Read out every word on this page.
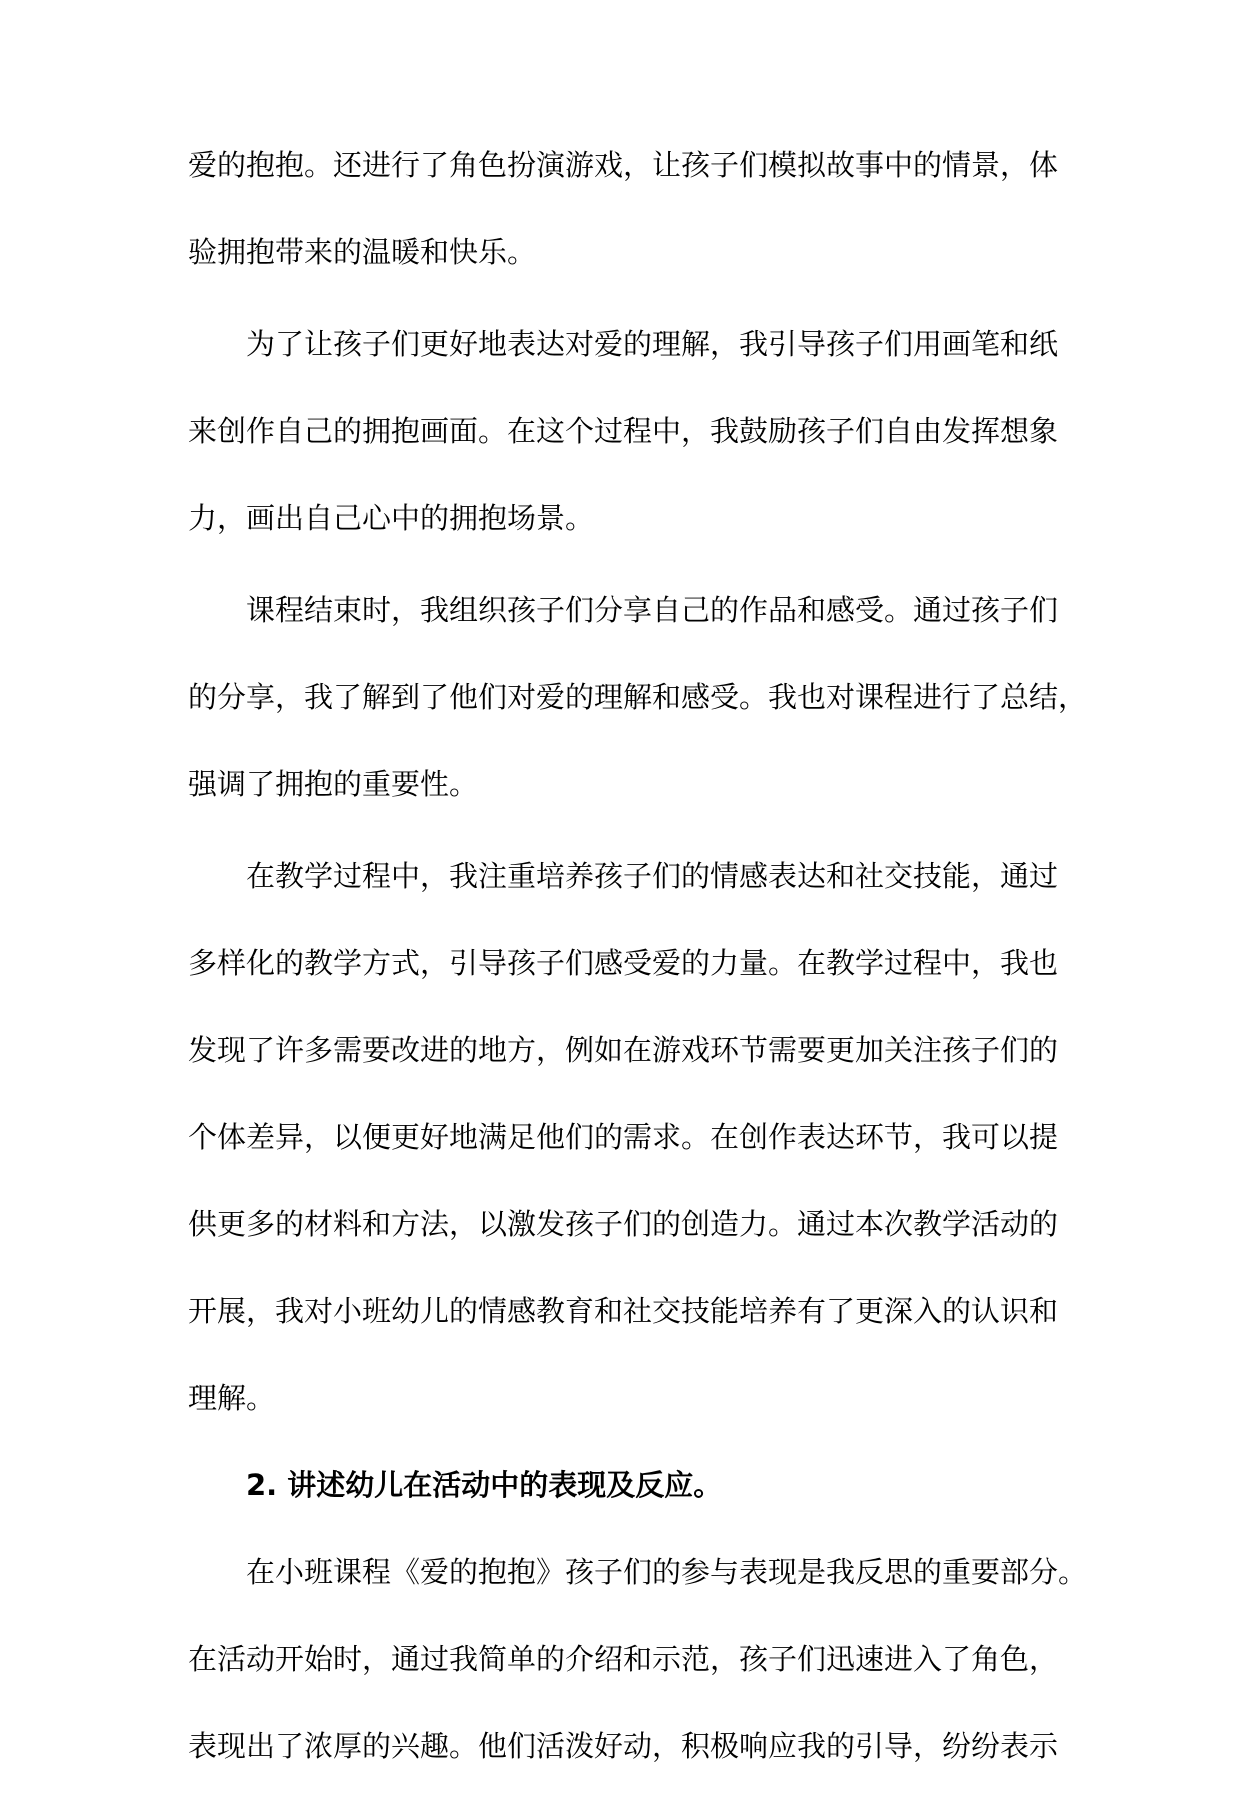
爱的抱抱。还进行了角色扮演游戏，让孩子们模拟故事中的情景，体
验拥抱带来的温暖和快乐。
为了让孩子们更好地表达对爱的理解，我引导孩子们用画笔和纸
来创作自己的拥抱画面。在这个过程中，我鼓励孩子们自由发挥想象
力，画出自己心中的拥抱场景。
课程结束时，我组织孩子们分享自己的作品和感受。通过孩子们
的分享，我了解到了他们对爱的理解和感受。我也对课程进行了总结，
强调了拥抱的重要性。
在教学过程中，我注重培养孩子们的情感表达和社交技能，通过
多样化的教学方式，引导孩子们感受爱的力量。在教学过程中，我也
发现了许多需要改进的地方，例如在游戏环节需要更加关注孩子们的
个体差异，以便更好地满足他们的需求。在创作表达环节，我可以提
供更多的材料和方法，以激发孩子们的创造力。通过本次教学活动的
开展，我对小班幼儿的情感教育和社交技能培养有了更深入的认识和
理解。
2. 讲述幼儿在活动中的表现及反应。
在小班课程《爱的抱抱》孩子们的参与表现是我反思的重要部分。
在活动开始时，通过我简单的介绍和示范，孩子们迅速进入了角色，
表现出了浓厚的兴趣。他们活泼好动，积极响应我的引导，纷纷表示
